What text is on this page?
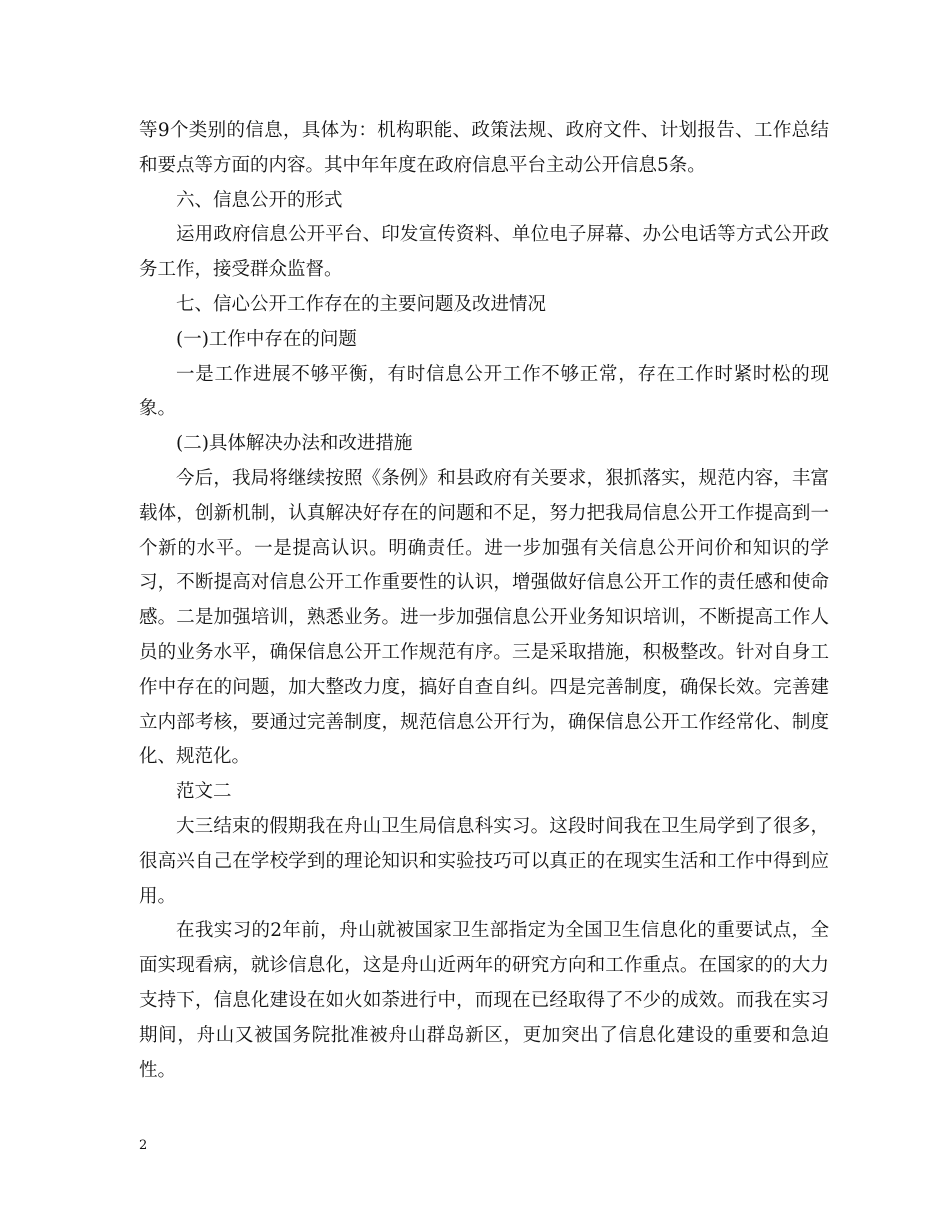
等9个类别的信息，具体为：机构职能、政策法规、政府文件、计划报告、工作总结和要点等方面的内容。其中年年度在政府信息平台主动公开信息5条。

六、信息公开的形式

运用政府信息公开平台、印发宣传资料、单位电子屏幕、办公电话等方式公开政务工作，接受群众监督。

七、信心公开工作存在的主要问题及改进情况

(一)工作中存在的问题

一是工作进展不够平衡，有时信息公开工作不够正常，存在工作时紧时松的现象。

(二)具体解决办法和改进措施

今后，我局将继续按照《条例》和县政府有关要求，狠抓落实，规范内容，丰富载体，创新机制，认真解决好存在的问题和不足，努力把我局信息公开工作提高到一个新的水平。一是提高认识。明确责任。进一步加强有关信息公开问价和知识的学习，不断提高对信息公开工作重要性的认识，增强做好信息公开工作的责任感和使命感。二是加强培训，熟悉业务。进一步加强信息公开业务知识培训，不断提高工作人员的业务水平，确保信息公开工作规范有序。三是采取措施，积极整改。针对自身工作中存在的问题，加大整改力度，搞好自查自纠。四是完善制度，确保长效。完善建立内部考核，要通过完善制度，规范信息公开行为，确保信息公开工作经常化、制度化、规范化。

范文二

大三结束的假期我在舟山卫生局信息科实习。这段时间我在卫生局学到了很多，很高兴自己在学校学到的理论知识和实验技巧可以真正的在现实生活和工作中得到应用。

在我实习的2年前，舟山就被国家卫生部指定为全国卫生信息化的重要试点，全面实现看病，就诊信息化，这是舟山近两年的研究方向和工作重点。在国家的的大力支持下，信息化建设在如火如荼进行中，而现在已经取得了不少的成效。而我在实习期间，舟山又被国务院批准被舟山群岛新区，更加突出了信息化建设的重要和急迫性。

2
